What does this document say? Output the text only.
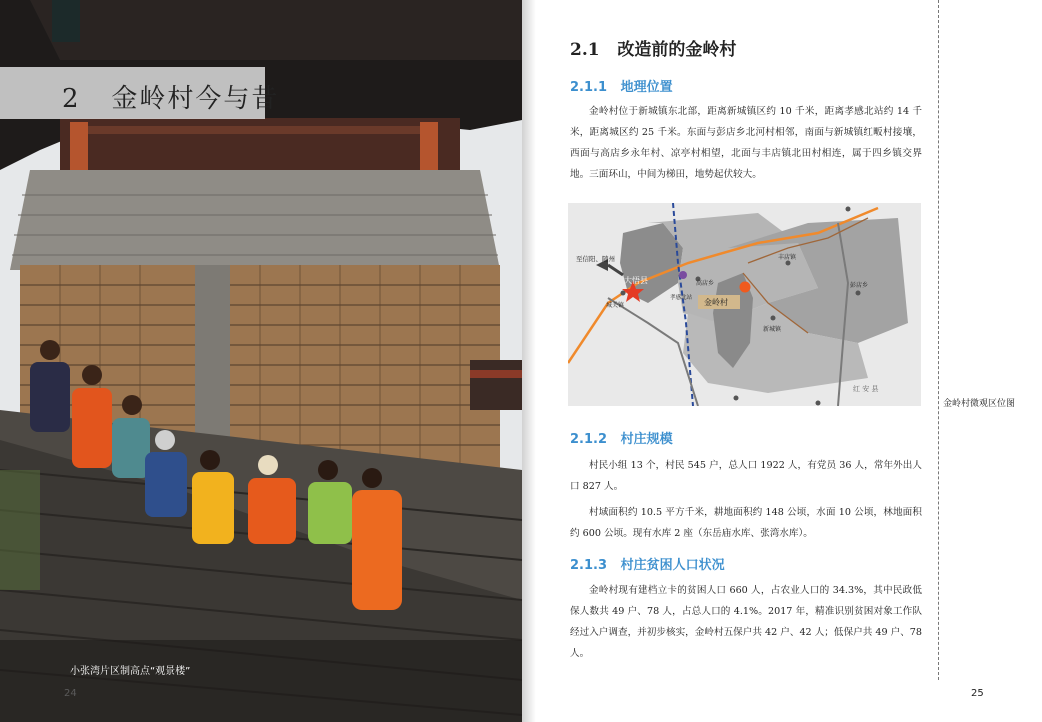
2   金岭村今与昔
小张湾片区制高点“观景楼”
24
2.1   改造前的金岭村
2.1.1   地理位置
金岭村位于新城镇东北部，距离新城镇区约 10 千米，距离孝感北站约 14 千米，距离城区约 25 千米。东面与彭店乡北河村相邻，南面与新城镇红畈村接壤，西面与高店乡永年村、凉亭村相望，北面与丰店镇北田村相连，属于四乡镇交界地。三面环山，中间为梯田，地势起伏较大。
至信阳、随州
大悟县
城关镇
孝感北站
高店乡
金岭村
丰店镇
彭店乡
新城镇
红 安 县
金岭村微观区位图
2.1.2   村庄规模
村民小组 13 个，村民 545 户，总人口 1922 人，有党员 36 人，常年外出人口 827 人。
村域面积约 10.5 平方千米，耕地面积约 148 公顷，水面 10 公顷，林地面积约 600 公顷。现有水库 2 座（东岳庙水库、张湾水库）。
2.1.3   村庄贫困人口状况
金岭村现有建档立卡的贫困人口 660 人，占农业人口的 34.3%，其中民政低保人数共 49 户、78 人，占总人口的 4.1%。2017 年，精准识别贫困对象工作队经过入户调查，并初步核实，金岭村五保户共 42 户、42 人；低保户共 49 户、78 人。
25
